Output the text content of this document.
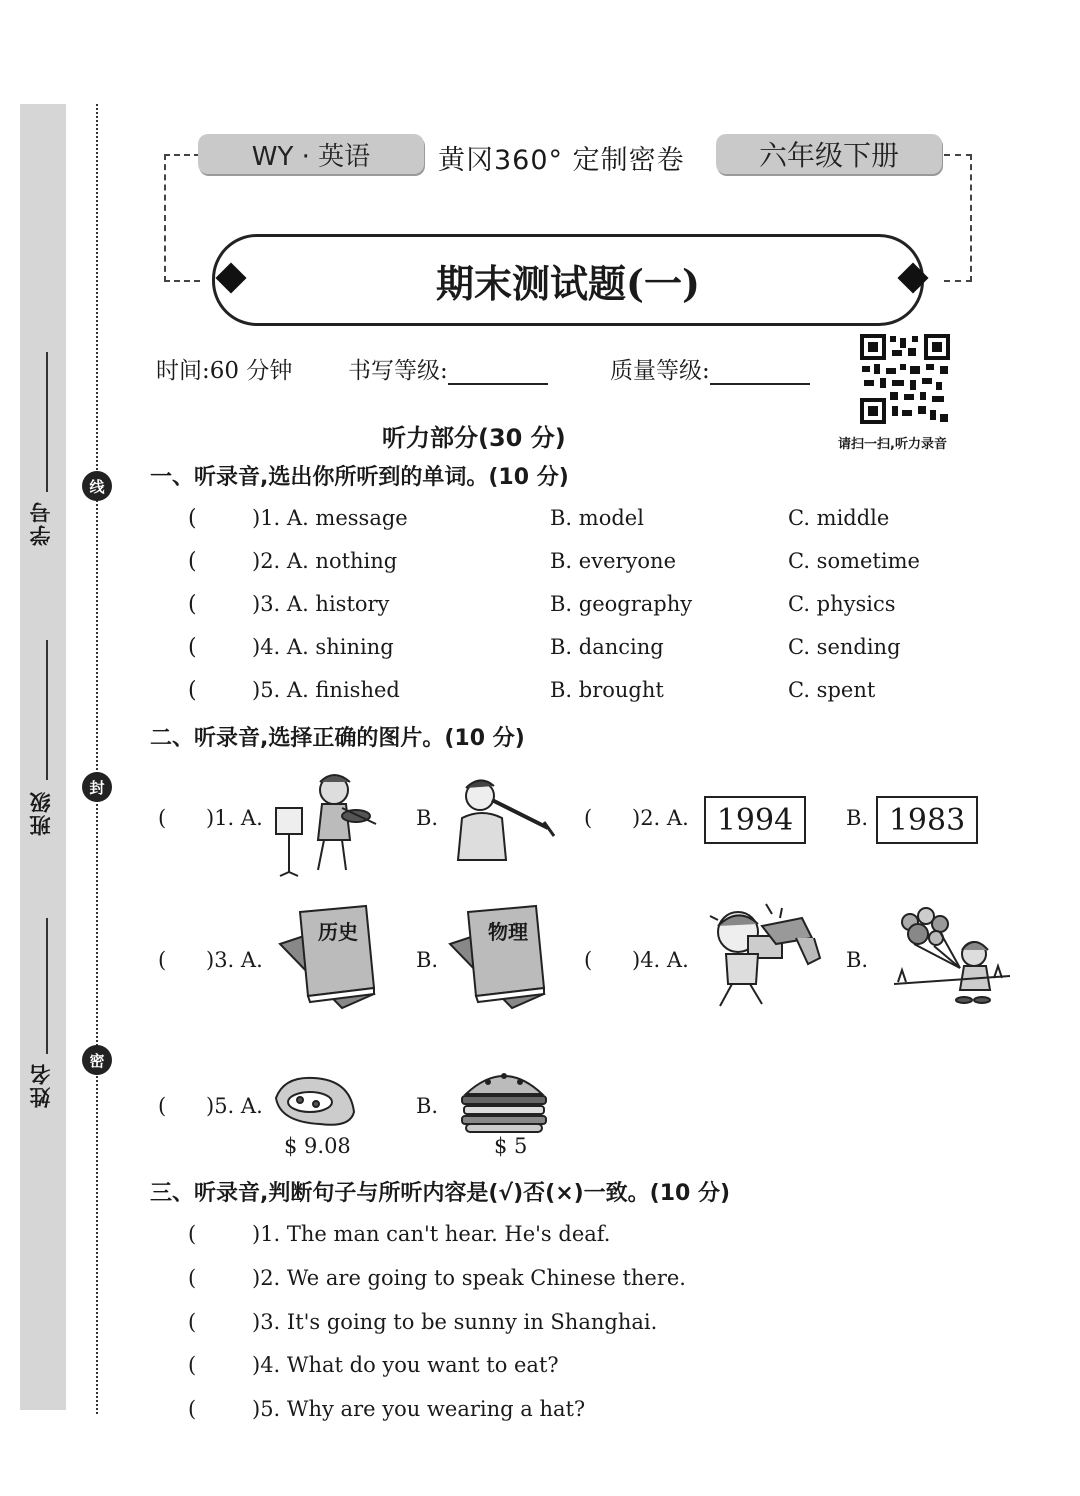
线
封
密
学号
班级
姓名
WY · 英语	黄冈360° 定制密卷	六年级下册
期末测试题(一)
时间:60 分钟 书写等级:	质量等级:
请扫一扫,听力录音
听力部分(30 分)
一、听录音,选出你所听到的单词。(10 分)
(	)1. A. message	B. model	C. middle
(	)2. A. nothing	B. everyone	C. sometime
(	)3. A. history	B. geography	C. physics
(	)4. A. shining	B. dancing	C. sending
(	)5. A. finished	B. brought	C. spent
二、听录音,选择正确的图片。(10 分)
( )1. A.	B.	( )2. A. 1994	B. 1983
( )3. A.
历史
B.
物理
( )4. A.	B.
( )5. A.
$ 9.08
B.
$ 5
三、听录音,判断句子与所听内容是(√)否(×)一致。(10 分)
(	)1. The man can't hear. He's deaf.
(	)2. We are going to speak Chinese there.
(	)3. It's going to be sunny in Shanghai.
(	)4. What do you want to eat?
(	)5. Why are you wearing a hat?
